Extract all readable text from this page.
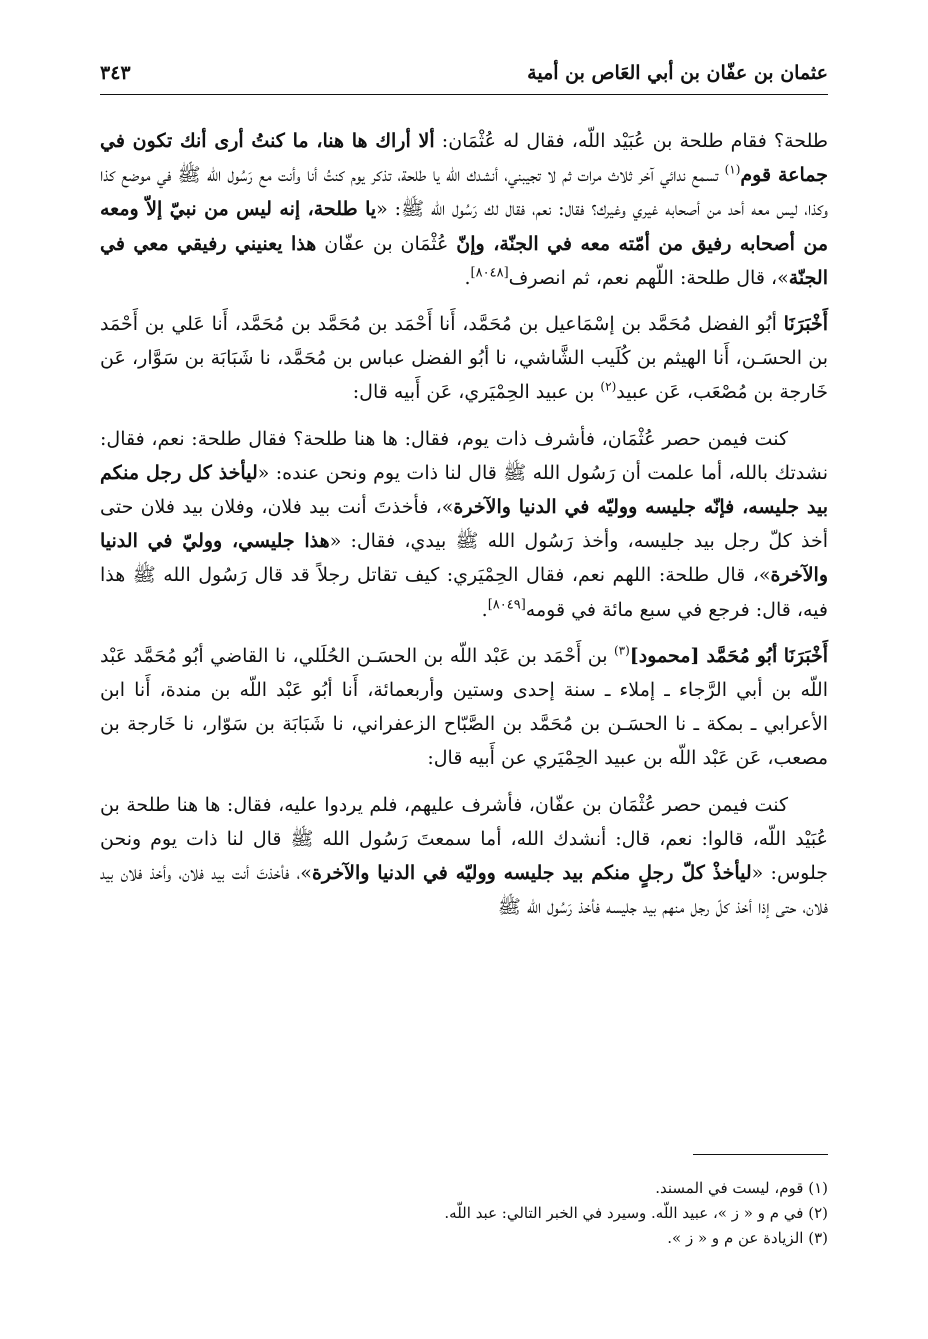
عثمان بن عفّان بن أبي العَاص بن أمية
٣٤٣

طلحة؟ فقام طلحة بن عُبَيْد اللّه، فقال له عُثْمَان: ألا أراك ها هنا، ما كنتُ أرى أنك تكون في جماعة قوم$^{(١)}$ تسمع ندائي آخر ثلاث مرات ثم لا تجيبني، أنشدك الله يا طلحة، تذكر يوم كنتُ أنا وأنت مع رَسُول الله ﷺ في موضع كذا وكذا، ليس معه أحد من أصحابه غيري وغيرك؟ فقال: نعم، فقال لك رَسُول الله ﷺ: «يا طلحة، إنه ليس من نبيّ إلاّ ومعه من أصحابه رفيق من أمّته معه في الجنّة، وإنّ عُثْمَان بن عفّان هذا يعنيني رفيقي معي في الجنّة»، قال طلحة: اللّهم نعم، ثم انصرف[٨٠٤٨].

أَخْبَرَنَا أبُو الفضل مُحَمَّد بن إسْمَاعيل بن مُحَمَّد، أَنا أَحْمَد بن مُحَمَّد بن مُحَمَّد، أَنا عَلي بن أَحْمَد بن الحسَـن، أَنا الهيثم بن كُلَيب الشَّاشي، نا أبُو الفضل عباس بن مُحَمَّد، نا شَبَابَة بن سَوَّار، عَن خَارجة بن مُصْعَب، عَن عبيد$^{(٢)}$ بن عبيد الحِمْيَري، عَن أَبيه قال:

كنت فيمن حصر عُثْمَان، فأشرف ذات يوم، فقال: ها هنا طلحة؟ فقال طلحة: نعم، فقال: نشدتك بالله، أما علمت أن رَسُول الله ﷺ قال لنا ذات يوم ونحن عنده: «ليأخذ كل رجل منكم بيد جليسه، فإنّه جليسه ووليّه في الدنيا والآخرة»، فأخذتَ أنت بيد فلان، وفلان بيد فلان حتى أخذ كلّ رجل بيد جليسه، وأخذ رَسُول الله ﷺ بيدي، فقال: «هذا جليسي، ووليّ في الدنيا والآخرة»، قال طلحة: اللهم نعم، فقال الحِمْيَري: كيف تقاتل رجلاً قد قال رَسُول الله ﷺ هذا فيه، قال: فرجع في سبع مائة في قومه[٨٠٤٩].

أَخْبَرَنَا أبُو مُحَمَّد [محمود]$^{(٣)}$ بن أَحْمَد بن عَبْد اللّه بن الحسَـن الحُلَلي، نا القاضي أبُو مُحَمَّد عَبْد اللّه بن أبي الرَّجاء ـ إملاء ـ سنة إحدى وستين وأربعمائة، أَنا أبُو عَبْد اللّه بن مندة، أَنا ابن الأعرابي ـ بمكة ـ نا الحسَـن بن مُحَمَّد بن الصَّبّاح الزعفراني، نا شَبَابَة بن سَوّار، نا خَارجة بن مصعب، عَن عَبْد اللّه بن عبيد الحِمْيَري عن أَبيه قال:

كنت فيمن حصر عُثْمَان بن عفّان، فأشرف عليهم، فلم يردوا عليه، فقال: ها هنا طلحة بن عُبَيْد اللّه، قالوا: نعم، قال: أنشدك الله، أما سمعتَ رَسُول الله ﷺ قال لنا ذات يوم ونحن جلوس: «ليأخذْ كلّ رجلٍ منكم بيد جليسه ووليّه في الدنيا والآخرة»، فأخذتَ أنت بيد فلان، وأخذ فلان بيد فلان، حتى إذا أخذ كلّ رجل منهم بيد جليسه فأخذ رَسُول الله ﷺ

(١) قوم، ليست في المسند.

(٢) في م و « ز »، عبيد اللّه. وسيرد في الخبر التالي: عبد اللّه.

(٣) الزيادة عن م و « ز ».
